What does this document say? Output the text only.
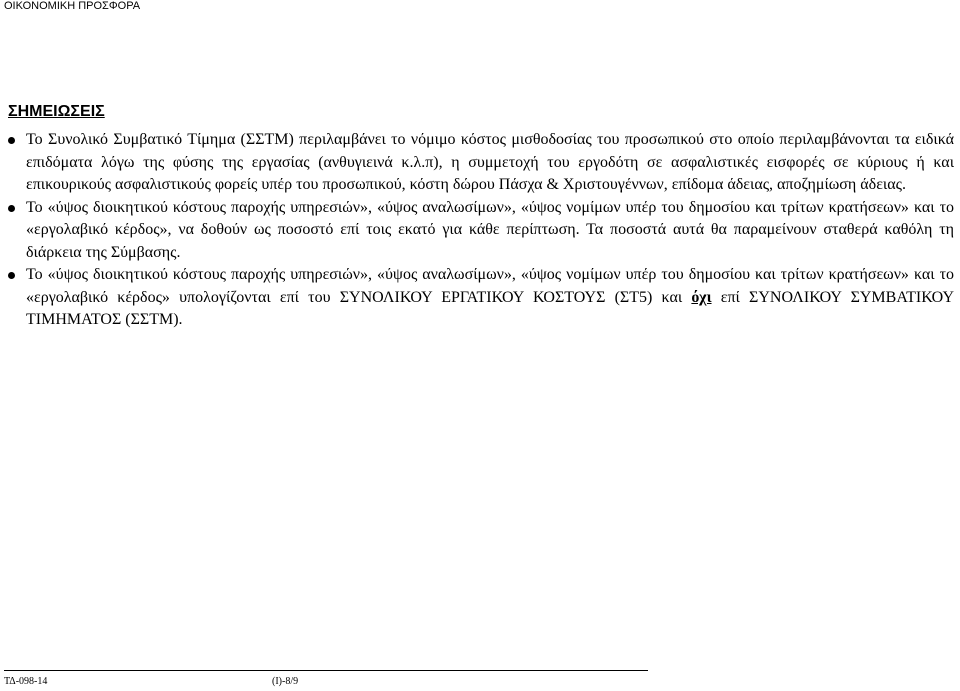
ΟΙΚΟΝΟΜΙΚΗ ΠΡΟΣΦΟΡΑ
ΣΗΜΕΙΩΣΕΙΣ
Το Συνολικό Συμβατικό Τίμημα (ΣΣΤΜ) περιλαμβάνει το νόμιμο κόστος μισθοδοσίας του προσωπικού στο οποίο περιλαμβάνονται τα ειδικά επιδόματα λόγω της φύσης της εργασίας (ανθυγιεινά κ.λ.π), η συμμετοχή του εργοδότη σε ασφαλιστικές εισφορές σε κύριους ή και επικουρικούς ασφαλιστικούς φορείς υπέρ του προσωπικού, κόστη δώρου Πάσχα & Χριστουγέννων, επίδομα άδειας, αποζημίωση άδειας.
Το «ύψος διοικητικού κόστους παροχής υπηρεσιών», «ύψος αναλωσίμων», «ύψος νομίμων υπέρ του δημοσίου και τρίτων κρατήσεων» και το «εργολαβικό κέρδος», να δοθούν ως ποσοστό επί τοις εκατό για κάθε περίπτωση. Τα ποσοστά αυτά θα παραμείνουν σταθερά καθόλη τη διάρκεια της Σύμβασης.
Το «ύψος διοικητικού κόστους παροχής υπηρεσιών», «ύψος αναλωσίμων», «ύψος νομίμων υπέρ του δημοσίου και τρίτων κρατήσεων» και το «εργολαβικό κέρδος» υπολογίζονται επί του ΣΥΝΟΛΙΚΟΥ ΕΡΓΑΤΙΚΟΥ ΚΟΣΤΟΥΣ (ΣΤ5) και όχι επί ΣΥΝΟΛΙΚΟΥ ΣΥΜΒΑΤΙΚΟΥ ΤΙΜΗΜΑΤΟΣ (ΣΣΤΜ).
ΤΔ-098-14	(Ι)-8/9
